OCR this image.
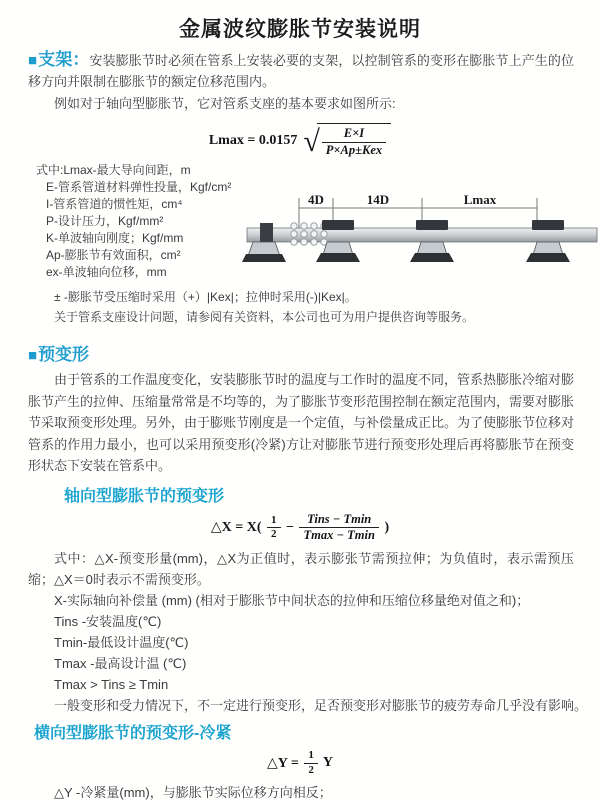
金属波纹膨胀节安装说明

■支架：安装膨胀节时必须在管系上安装必要的支架，以控制管系的变形在膨胀节上产生的位移方向并限制在膨胀节的额定位移范围内。

例如对于轴向型膨胀节，它对管系支座的基本要求如图所示:

Lmax = 0.0157 √ $\frac{E\times I}{\text{P×Ap±Kex}}$
式中:Lmax-最大导向间距，m
E-管系管道材料弹性投量，Kgf/cm²
I-管系管道的惯性矩，cm⁴
P-设计压力，Kgf/mm²
K-单波轴向刚度；Kgf/mm
Ap-膨胀节有效面积，cm²
ex-单波轴向位移，mm
4D	14D	Lmax
± -膨胀节受压缩时采用（+）|Kex|；拉伸时采用(-)|Kex|。
关于管系支座设计问题，请参阅有关资料，本公司也可为用户提供咨询等服务。
■预变形

由于管系的工作温度变化，安装膨胀节时的温度与工作时的温度不同，管系热膨胀冷缩对膨胀节产生的拉伸、压缩量常常是不均等的，为了膨胀节变形范围控制在额定范围内，需要对膨胀节采取预变形处理。另外，由于膨账节刚度是一个定值，与补偿量成正比。为了使膨胀节位移对管系的作用力最小，也可以采用预变形(冷紧)方让对膨胀节进行预变形处理后再将膨胀节在预变形状态下安装在管系中。

轴向型膨胀节的预变形
△X = $X( \frac{1}{2} - \frac{\text{Tins − Tmin}}{Tmax - Tmin}$ )

式中：△X-预变形量(mm)，△X为正值时，表示膨张节需预拉伸；为负值时，表示需预压缩；△X＝0时表示不需预变形。

X-实际轴向补偿量 (mm) (相对于膨胀节中间状态的拉伸和压缩位移量绝对值之和)；
Tins -安装温度(℃)
Tmin-最低设计温度(℃)
Tmax -最高设计温 (℃)
Tmax > Tins ≥ Tmin
一般变形和受力情况下，不一定进行预变形，足否预变形对膨胀节的疲劳寿命几乎没有影响。
横向型膨胀节的预变形-冷紧
△Y = $\frac{1}{2}$ Y

△Y -冷紧量(mm)，与膨胀节实际位移方向相反；
